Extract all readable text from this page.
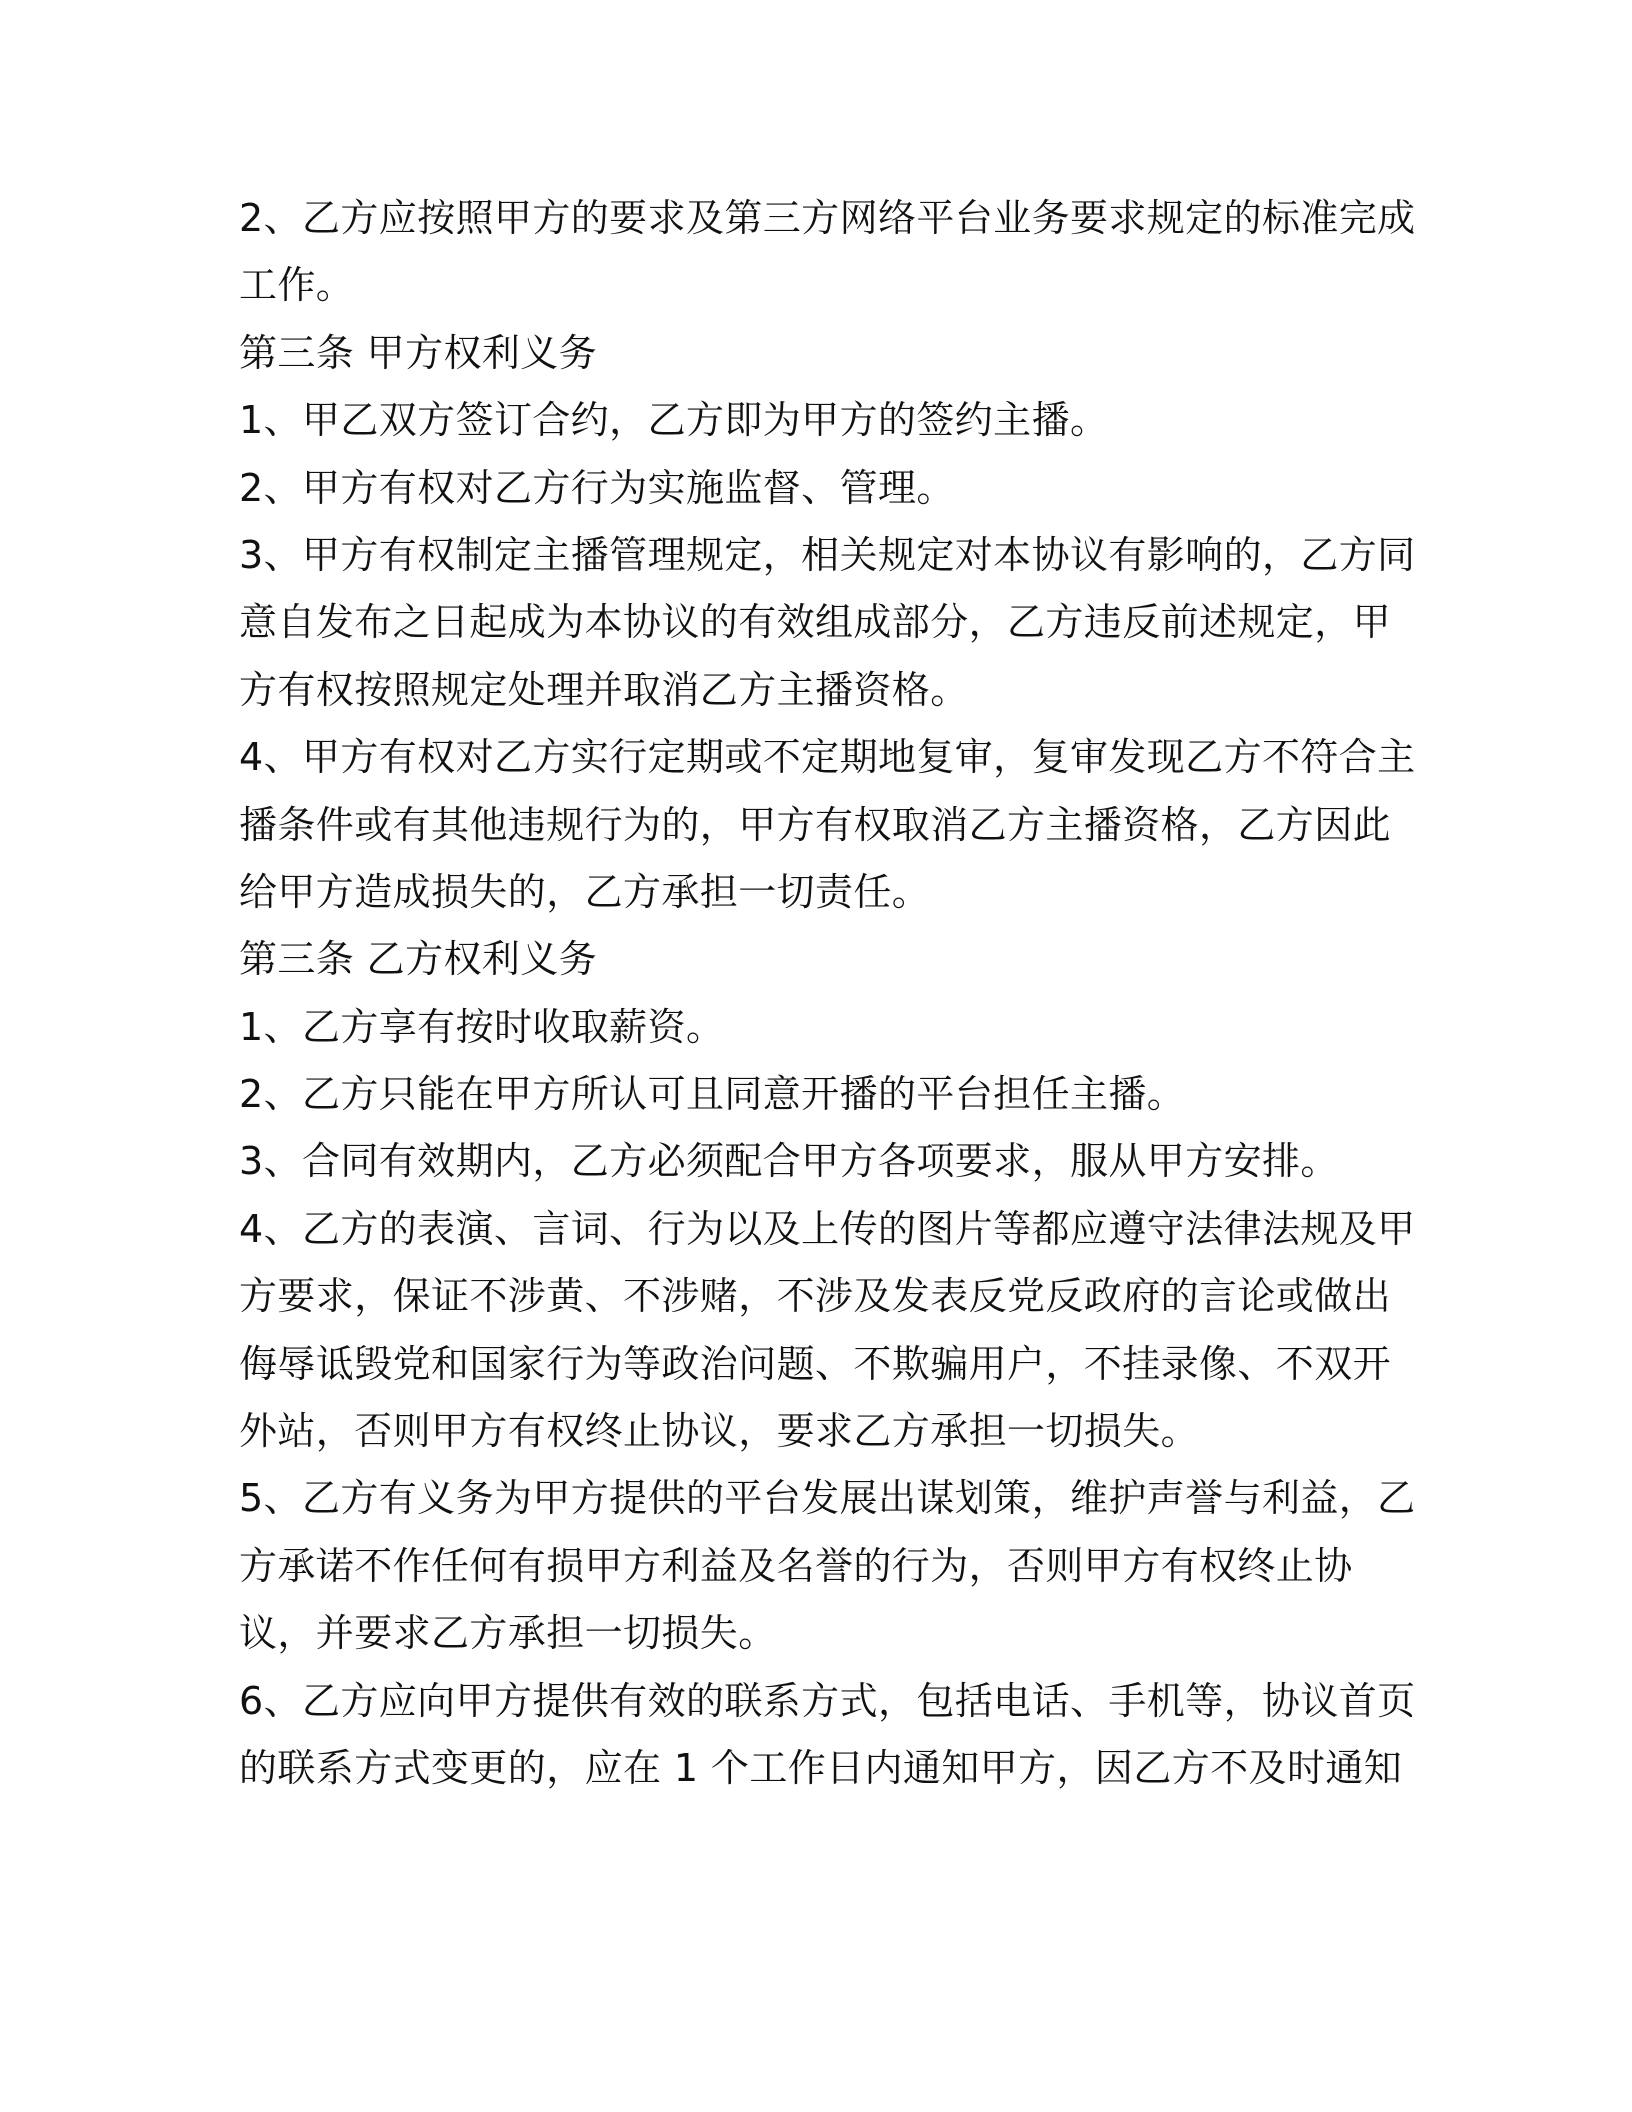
2、乙方应按照甲方的要求及第三方网络平台业务要求规定的标准完成
工作。
第三条 甲方权利义务
1、甲乙双方签订合约，乙方即为甲方的签约主播。
2、甲方有权对乙方行为实施监督、管理。
3、甲方有权制定主播管理规定，相关规定对本协议有影响的，乙方同
意自发布之日起成为本协议的有效组成部分，乙方违反前述规定，甲
方有权按照规定处理并取消乙方主播资格。
4、甲方有权对乙方实行定期或不定期地复审，复审发现乙方不符合主
播条件或有其他违规行为的，甲方有权取消乙方主播资格，乙方因此
给甲方造成损失的，乙方承担一切责任。
第三条 乙方权利义务
1、乙方享有按时收取薪资。
2、乙方只能在甲方所认可且同意开播的平台担任主播。
3、合同有效期内，乙方必须配合甲方各项要求，服从甲方安排。
4、乙方的表演、言词、行为以及上传的图片等都应遵守法律法规及甲
方要求，保证不涉黄、不涉赌，不涉及发表反党反政府的言论或做出
侮辱诋毁党和国家行为等政治问题、不欺骗用户，不挂录像、不双开
外站，否则甲方有权终止协议，要求乙方承担一切损失。
5、乙方有义务为甲方提供的平台发展出谋划策，维护声誉与利益，乙
方承诺不作任何有损甲方利益及名誉的行为，否则甲方有权终止协
议，并要求乙方承担一切损失。
6、乙方应向甲方提供有效的联系方式，包括电话、手机等，协议首页
的联系方式变更的，应在 1 个工作日内通知甲方，因乙方不及时通知
